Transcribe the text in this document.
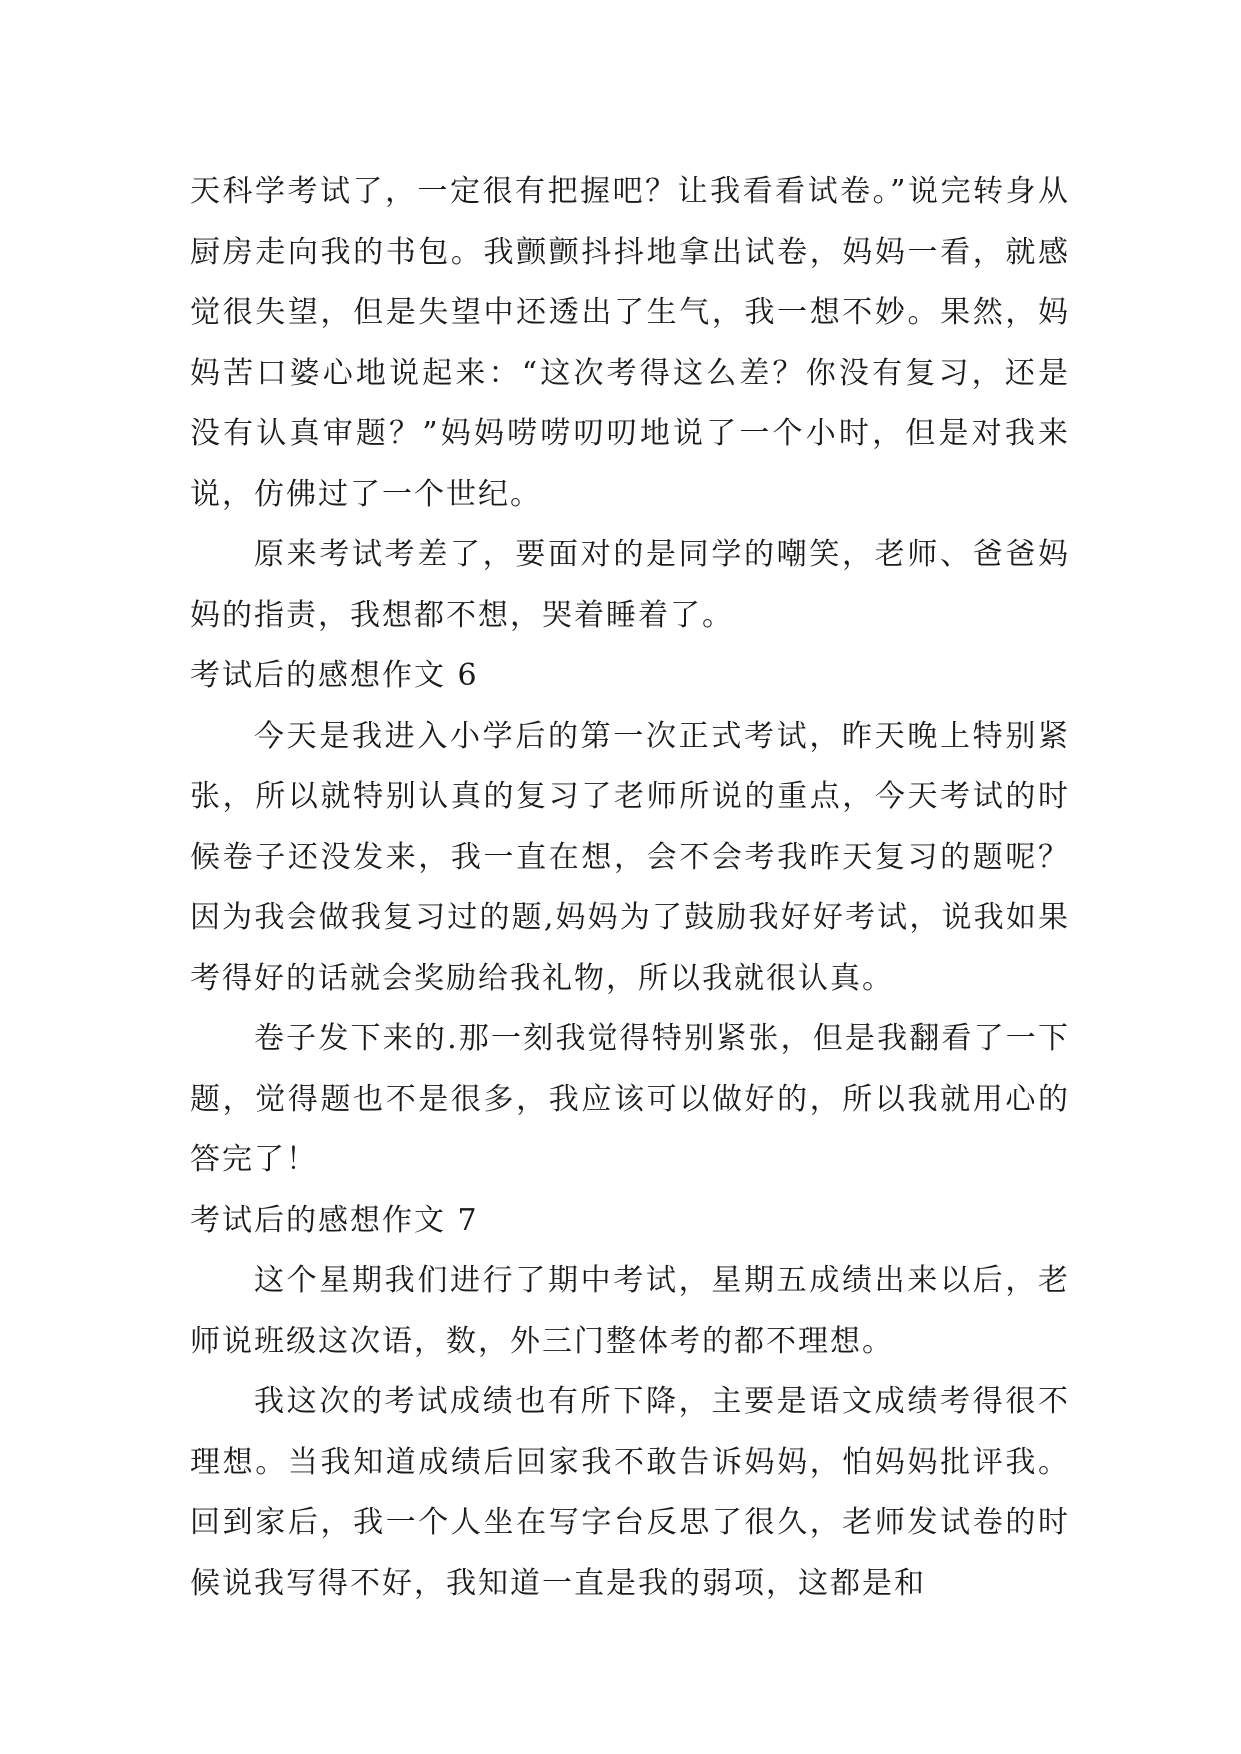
天科学考试了，一定很有把握吧？让我看看试卷。”说完转身从厨房走向我的书包。我颤颤抖抖地拿出试卷，妈妈一看，就感觉很失望，但是失望中还透出了生气，我一想不妙。果然，妈妈苦口婆心地说起来：“这次考得这么差？你没有复习，还是没有认真审题？”妈妈唠唠叨叨地说了一个小时，但是对我来说，仿佛过了一个世纪。

原来考试考差了，要面对的是同学的嘲笑，老师、爸爸妈妈的指责，我想都不想，哭着睡着了。

考试后的感想作文 6

今天是我进入小学后的第一次正式考试，昨天晚上特别紧张，所以就特别认真的复习了老师所说的重点，今天考试的时候卷子还没发来，我一直在想，会不会考我昨天复习的题呢？因为我会做我复习过的题,妈妈为了鼓励我好好考试，说我如果考得好的话就会奖励给我礼物，所以我就很认真。

卷子发下来的.那一刻我觉得特别紧张，但是我翻看了一下题，觉得题也不是很多，我应该可以做好的，所以我就用心的答完了！

考试后的感想作文 7

这个星期我们进行了期中考试，星期五成绩出来以后，老师说班级这次语，数，外三门整体考的都不理想。

我这次的考试成绩也有所下降，主要是语文成绩考得很不理想。当我知道成绩后回家我不敢告诉妈妈，怕妈妈批评我。回到家后，我一个人坐在写字台反思了很久，老师发试卷的时候说我写得不好，我知道一直是我的弱项，这都是和
